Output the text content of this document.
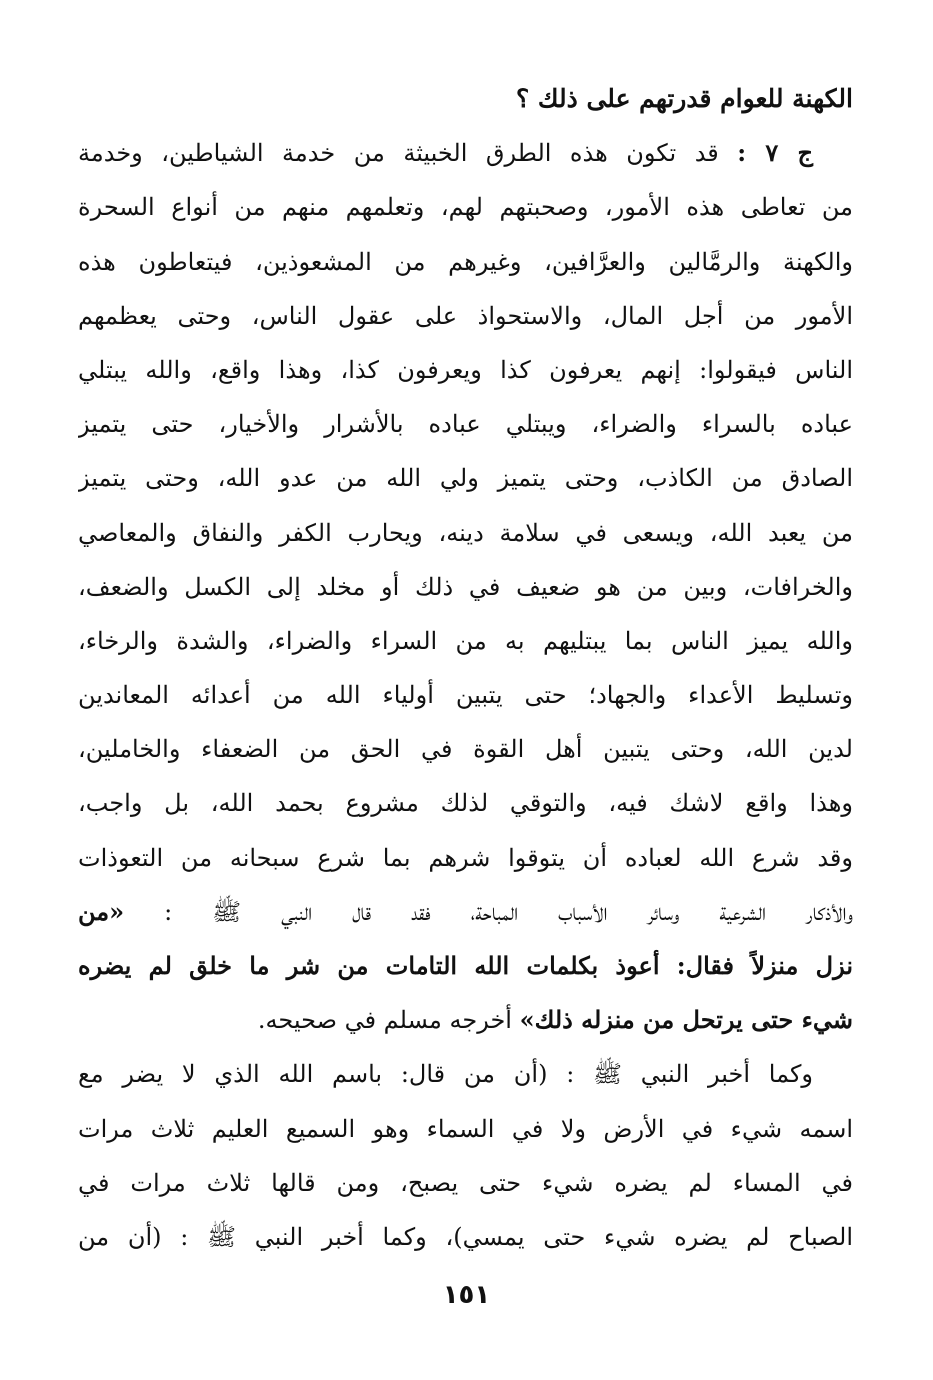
الكهنة للعوام قدرتهم على ذلك ؟
ج ٧ : قد تكون هذه الطرق الخبيثة من خدمة الشياطين، وخدمة
من تعاطى هذه الأمور، وصحبتهم لهم، وتعلمهم منهم من أنواع السحرة
والكهنة والرمَّالين والعرَّافين، وغيرهم من المشعوذين، فيتعاطون هذه
الأمور من أجل المال، والاستحواذ على عقول الناس، وحتى يعظمهم
الناس فيقولوا: إنهم يعرفون كذا ويعرفون كذا، وهذا واقع، والله يبتلي
عباده بالسراء والضراء، ويبتلي عباده بالأشرار والأخيار، حتى يتميز
الصادق من الكاذب، وحتى يتميز ولي الله من عدو الله، وحتى يتميز
من يعبد الله، ويسعى في سلامة دينه، ويحارب الكفر والنفاق والمعاصي
والخرافات، وبين من هو ضعيف في ذلك أو مخلد إلى الكسل والضعف،
والله يميز الناس بما يبتليهم به من السراء والضراء، والشدة والرخاء،
وتسليط الأعداء والجهاد؛ حتى يتبين أولياء الله من أعدائه المعاندين
لدين الله، وحتى يتبين أهل القوة في الحق من الضعفاء والخاملين،
وهذا واقع لاشك فيه، والتوقي لذلك مشروع بحمد الله، بل واجب،
وقد شرع الله لعباده أن يتوقوا شرهم بما شرع سبحانه من التعوذات
والأذكار الشرعية وسائر الأسباب المباحة، فقد قال النبي ﷺ : «من
نزل منزلاً فقال: أعوذ بكلمات الله التامات من شر ما خلق لم يضره
شيء حتى يرتحل من منزله ذلك» أخرجه مسلم في صحيحه.
وكما أخبر النبي ﷺ : (أن من قال: باسم الله الذي لا يضر مع
اسمه شيء في الأرض ولا في السماء وهو السميع العليم ثلاث مرات
في المساء لم يضره شيء حتى يصبح، ومن قالها ثلاث مرات في
الصباح لم يضره شيء حتى يمسي)، وكما أخبر النبي ﷺ : (أن من
١٥١
